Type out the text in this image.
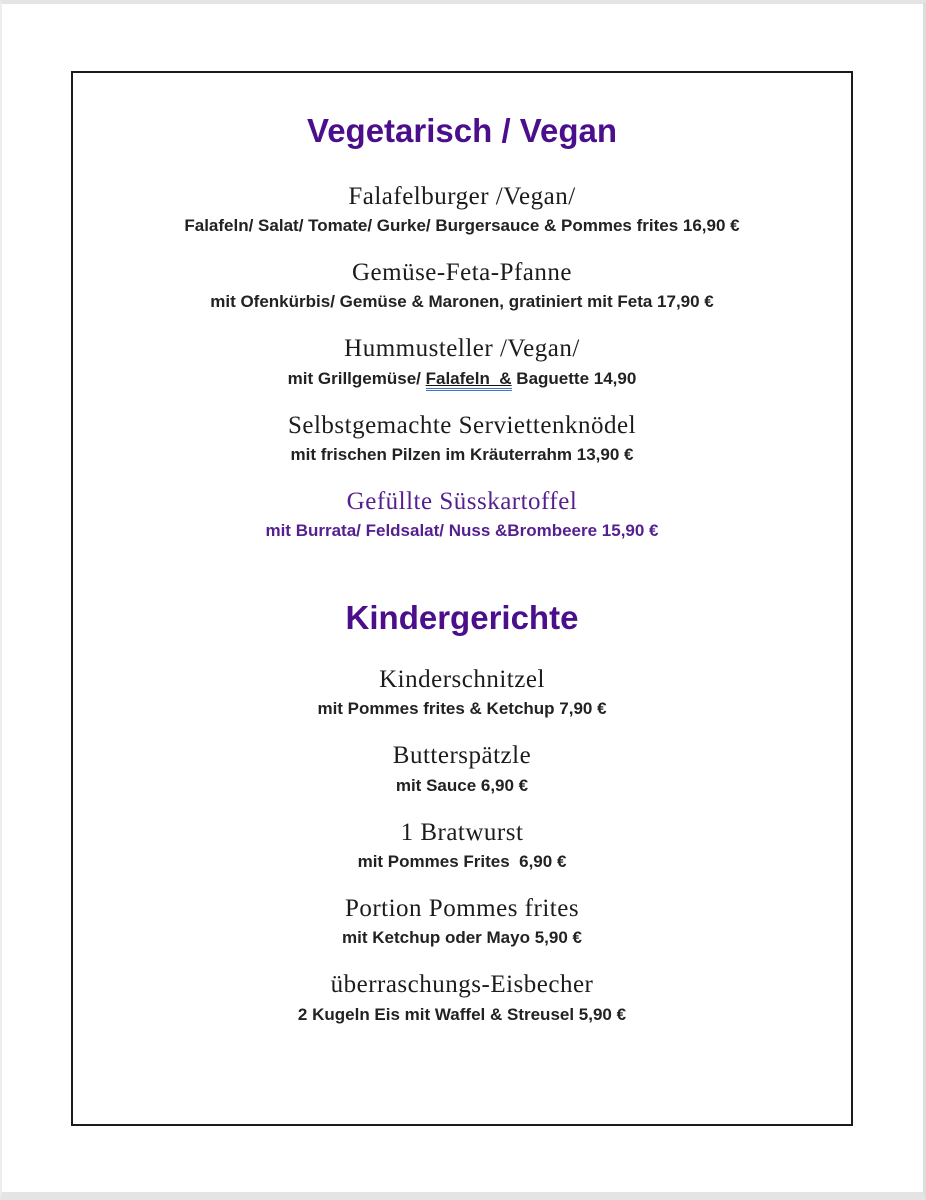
Vegetarisch / Vegan
Falafelburger /Vegan/
Falafeln/ Salat/ Tomate/ Gurke/ Burgersauce & Pommes frites 16,90 €
Gemüse-Feta-Pfanne
mit Ofenkürbis/ Gemüse & Maronen, gratiniert mit Feta 17,90 €
Hummusteller /Vegan/
mit Grillgemüse/ Falafeln  & Baguette 14,90
Selbstgemachte Serviettenknödel
mit frischen Pilzen im Kräuterrahm 13,90 €
Gefüllte Süsskartoffel
mit Burrata/ Feldsalat/ Nuss &Brombeere 15,90 €
Kindergerichte
Kinderschnitzel
mit Pommes frites & Ketchup 7,90 €
Butterspätzle
mit Sauce 6,90 €
1 Bratwurst
mit Pommes Frites  6,90 €
Portion Pommes frites
mit Ketchup oder Mayo 5,90 €
überraschungs-Eisbecher
2 Kugeln Eis mit Waffel & Streusel 5,90 €
